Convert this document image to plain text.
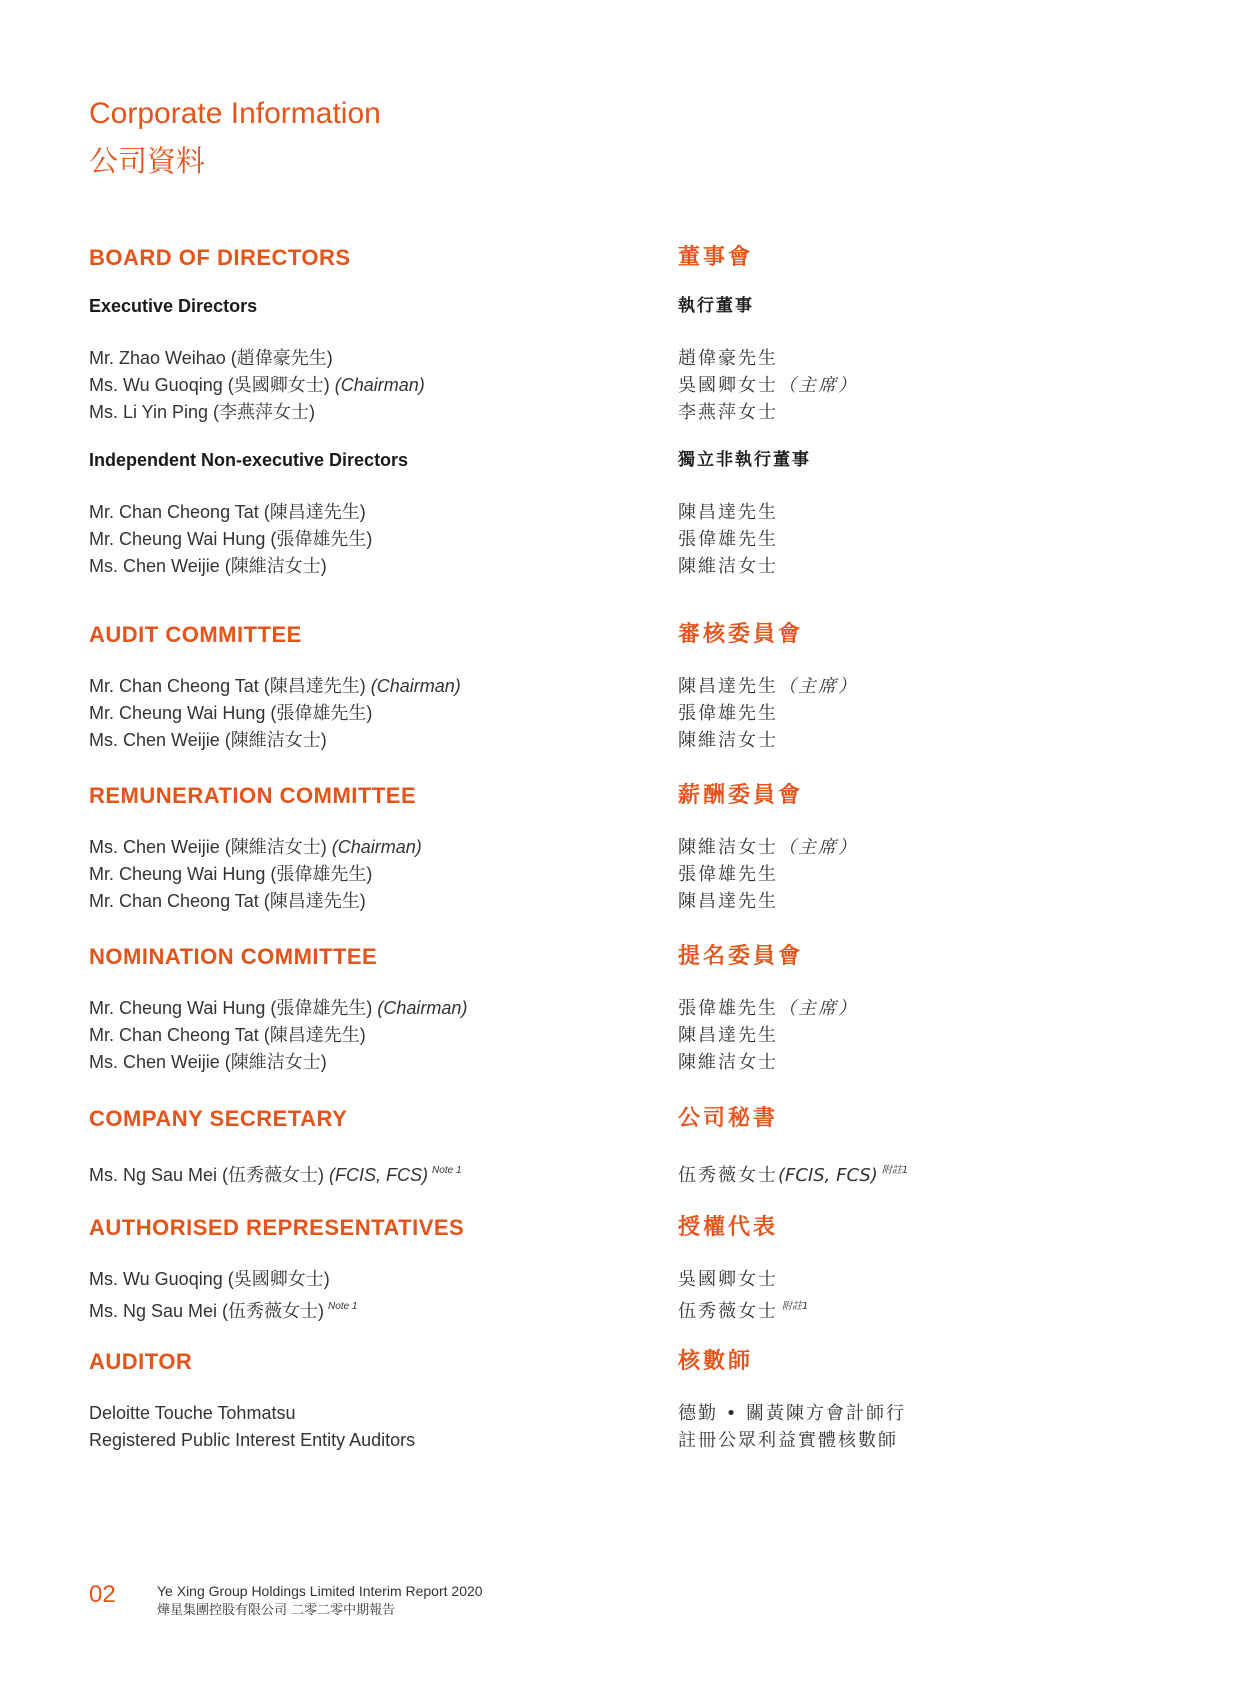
Corporate Information
公司資料
BOARD OF DIRECTORS
Executive Directors
Mr. Zhao Weihao (趙偉豪先生)
Ms. Wu Guoqing (吳國卿女士) (Chairman)
Ms. Li Yin Ping (李燕萍女士)
Independent Non-executive Directors
Mr. Chan Cheong Tat (陳昌達先生)
Mr. Cheung Wai Hung (張偉雄先生)
Ms. Chen Weijie (陳維洁女士)
董事會
執行董事
趙偉豪先生
吳國卿女士（主席）
李燕萍女士
獨立非執行董事
陳昌達先生
張偉雄先生
陳維洁女士
AUDIT COMMITTEE
Mr. Chan Cheong Tat (陳昌達先生) (Chairman)
Mr. Cheung Wai Hung (張偉雄先生)
Ms. Chen Weijie (陳維洁女士)
審核委員會
陳昌達先生（主席）
張偉雄先生
陳維洁女士
REMUNERATION COMMITTEE
Ms. Chen Weijie (陳維洁女士) (Chairman)
Mr. Cheung Wai Hung (張偉雄先生)
Mr. Chan Cheong Tat (陳昌達先生)
薪酬委員會
陳維洁女士（主席）
張偉雄先生
陳昌達先生
NOMINATION COMMITTEE
Mr. Cheung Wai Hung (張偉雄先生) (Chairman)
Mr. Chan Cheong Tat (陳昌達先生)
Ms. Chen Weijie (陳維洁女士)
提名委員會
張偉雄先生（主席）
陳昌達先生
陳維洁女士
COMPANY SECRETARY
Ms. Ng Sau Mei (伍秀薇女士) (FCIS, FCS) $^{Note 1}$
公司秘書
伍秀薇女士(FCIS, FCS) $^{附註1}$
AUTHORISED REPRESENTATIVES
Ms. Wu Guoqing (吳國卿女士)
Ms. Ng Sau Mei (伍秀薇女士) $^{Note 1}$
授權代表
吳國卿女士
伍秀薇女士 $^{附註1}$
AUDITOR
Deloitte Touche Tohmatsu
Registered Public Interest Entity Auditors
核數師
德勤 • 關黃陳方會計師行
註冊公眾利益實體核數師
02	Ye Xing Group Holdings Limited Interim Report 2020
燁星集團控股有限公司 二零二零中期報告
